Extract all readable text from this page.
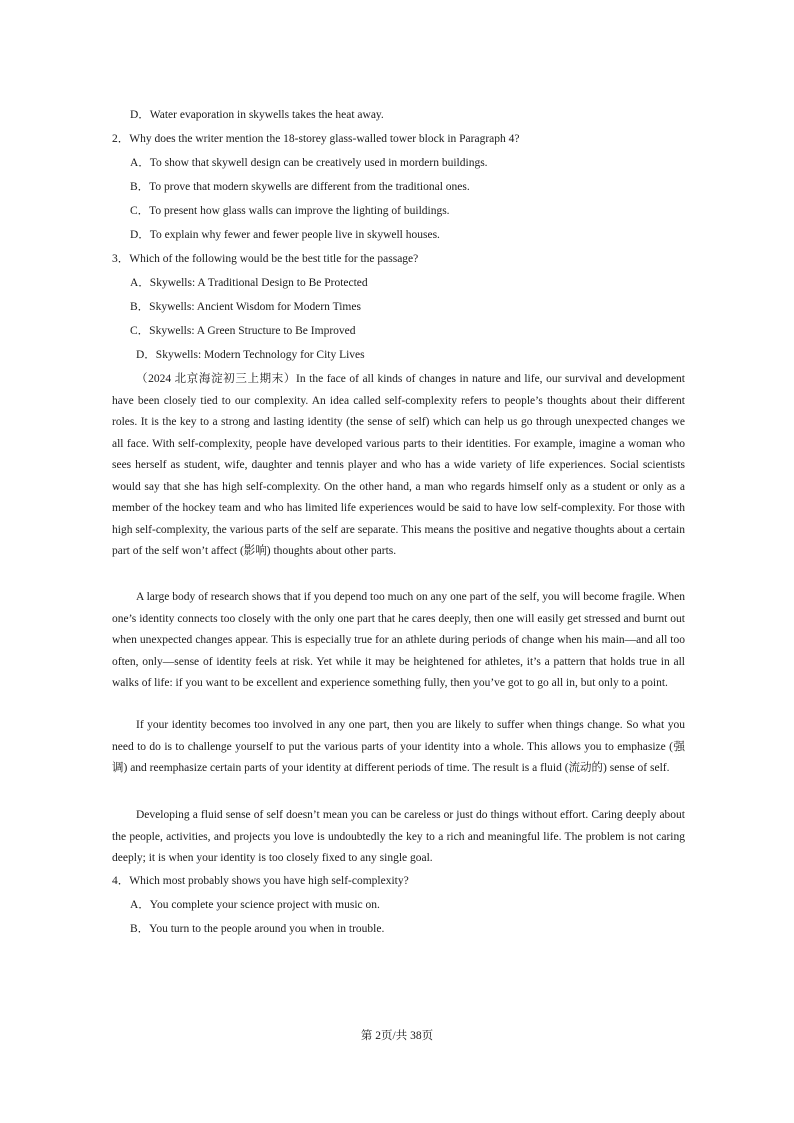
D．Water evaporation in skywells takes the heat away.
2．Why does the writer mention the 18-storey glass-walled tower block in Paragraph 4?
A．To show that skywell design can be creatively used in mordern buildings.
B．To prove that modern skywells are different from the traditional ones.
C．To present how glass walls can improve the lighting of buildings.
D．To explain why fewer and fewer people live in skywell houses.
3．Which of the following would be the best title for the passage?
A．Skywells: A Traditional Design to Be Protected
B．Skywells: Ancient Wisdom for Modern Times
C．Skywells: A Green Structure to Be Improved
D．Skywells: Modern Technology for City Lives

（2024 北京海淀初三上期末）In the face of all kinds of changes in nature and life, our survival and development have been closely tied to our complexity. An idea called self-complexity refers to people’s thoughts about their different roles. It is the key to a strong and lasting identity (the sense of self) which can help us go through unexpected changes we all face. With self-complexity, people have developed various parts to their identities. For example, imagine a woman who sees herself as student, wife, daughter and tennis player and who has a wide variety of life experiences. Social scientists would say that she has high self-complexity. On the other hand, a man who regards himself only as a student or only as a member of the hockey team and who has limited life experiences would be said to have low self-complexity. For those with high self-complexity, the various parts of the self are separate. This means the positive and negative thoughts about a certain part of the self won’t affect (影响) thoughts about other parts.

A large body of research shows that if you depend too much on any one part of the self, you will become fragile. When one’s identity connects too closely with the only one part that he cares deeply, then one will easily get stressed and burnt out when unexpected changes appear. This is especially true for an athlete during periods of change when his main—and all too often, only—sense of identity feels at risk. Yet while it may be heightened for athletes, it’s a pattern that holds true in all walks of life: if you want to be excellent and experience something fully, then you’ve got to go all in, but only to a point.

If your identity becomes too involved in any one part, then you are likely to suffer when things change. So what you need to do is to challenge yourself to put the various parts of your identity into a whole. This allows you to emphasize (强调) and reemphasize certain parts of your identity at different periods of time. The result is a fluid (流动的) sense of self.

Developing a fluid sense of self doesn’t mean you can be careless or just do things without effort. Caring deeply about the people, activities, and projects you love is undoubtedly the key to a rich and meaningful life. The problem is not caring deeply; it is when your identity is too closely fixed to any single goal.

4．Which most probably shows you have high self-complexity?
A．You complete your science project with music on.
B．You turn to the people around you when in trouble.
第 2页/共 38页
